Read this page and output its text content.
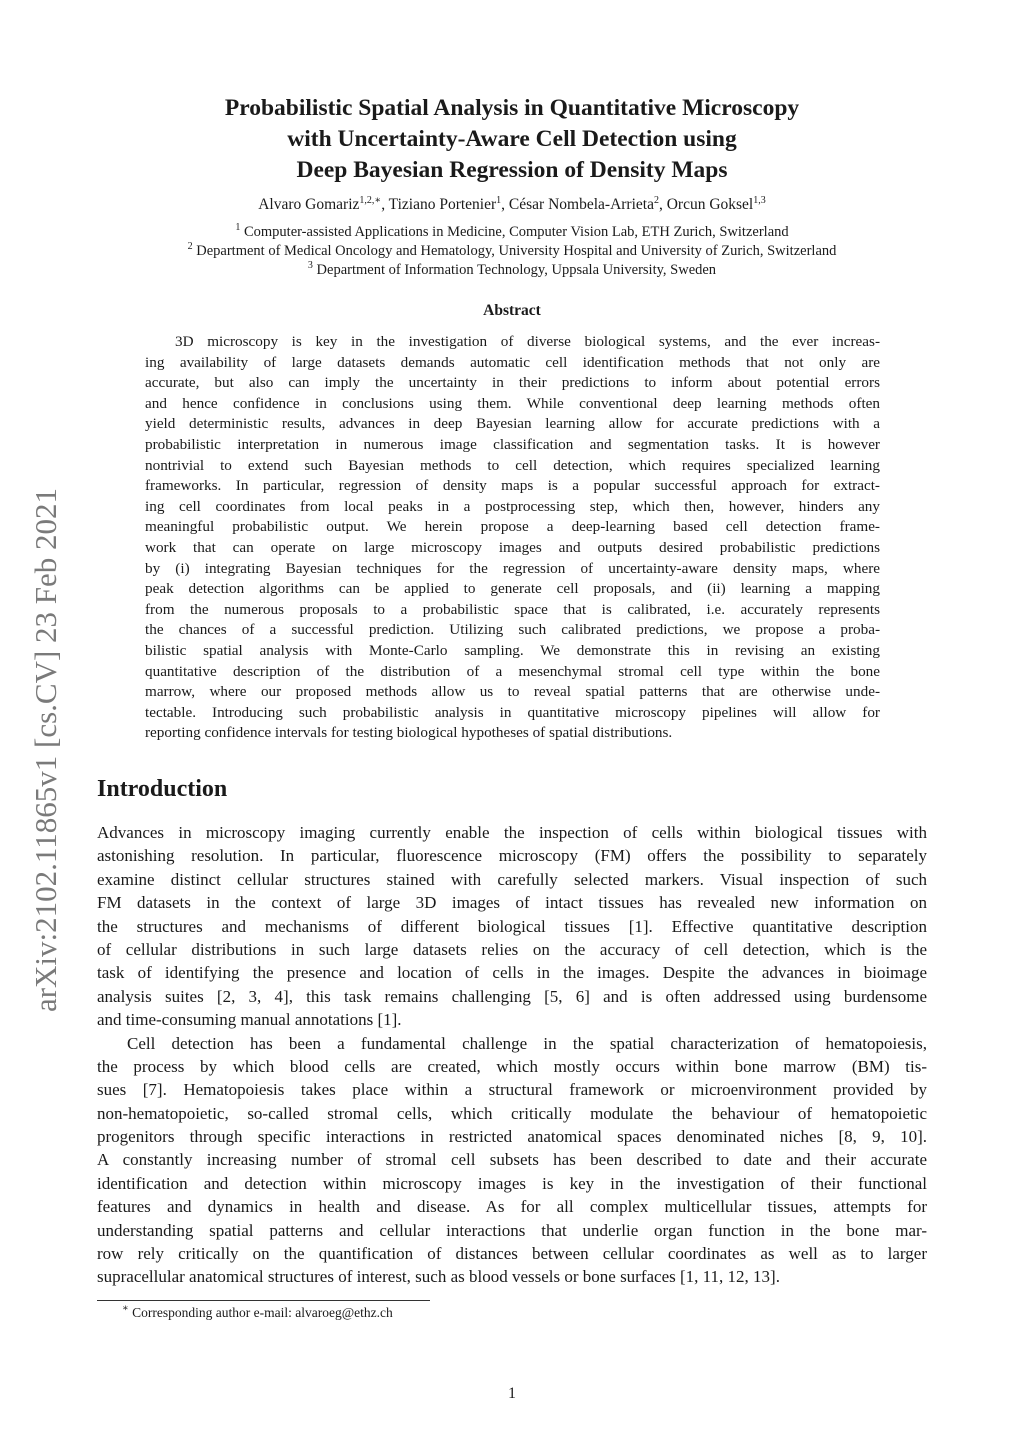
arXiv:2102.11865v1 [cs.CV] 23 Feb 2021
Probabilistic Spatial Analysis in Quantitative Microscopy
with Uncertainty-Aware Cell Detection using
Deep Bayesian Regression of Density Maps
Alvaro Gomariz$^{1,2,∗}$, Tiziano Portenier$^1$, César Nombela-Arrieta$^2$, Orcun Goksel$^{1,3}$
$^1$ Computer-assisted Applications in Medicine, Computer Vision Lab, ETH Zurich, Switzerland
$^2$ Department of Medical Oncology and Hematology, University Hospital and University of Zurich, Switzerland
$^3$ Department of Information Technology, Uppsala University, Sweden
Abstract
3D microscopy is key in the investigation of diverse biological systems, and the ever increas-
ing availability of large datasets demands automatic cell identification methods that not only are
accurate, but also can imply the uncertainty in their predictions to inform about potential errors
and hence confidence in conclusions using them. While conventional deep learning methods often
yield deterministic results, advances in deep Bayesian learning allow for accurate predictions with a
probabilistic interpretation in numerous image classification and segmentation tasks. It is however
nontrivial to extend such Bayesian methods to cell detection, which requires specialized learning
frameworks. In particular, regression of density maps is a popular successful approach for extract-
ing cell coordinates from local peaks in a postprocessing step, which then, however, hinders any
meaningful probabilistic output. We herein propose a deep-learning based cell detection frame-
work that can operate on large microscopy images and outputs desired probabilistic predictions
by (i) integrating Bayesian techniques for the regression of uncertainty-aware density maps, where
peak detection algorithms can be applied to generate cell proposals, and (ii) learning a mapping
from the numerous proposals to a probabilistic space that is calibrated, i.e. accurately represents
the chances of a successful prediction. Utilizing such calibrated predictions, we propose a proba-
bilistic spatial analysis with Monte-Carlo sampling. We demonstrate this in revising an existing
quantitative description of the distribution of a mesenchymal stromal cell type within the bone
marrow, where our proposed methods allow us to reveal spatial patterns that are otherwise unde-
tectable. Introducing such probabilistic analysis in quantitative microscopy pipelines will allow for
reporting confidence intervals for testing biological hypotheses of spatial distributions.
Introduction
Advances in microscopy imaging currently enable the inspection of cells within biological tissues with
astonishing resolution. In particular, fluorescence microscopy (FM) offers the possibility to separately
examine distinct cellular structures stained with carefully selected markers. Visual inspection of such
FM datasets in the context of large 3D images of intact tissues has revealed new information on
the structures and mechanisms of different biological tissues [1]. Effective quantitative description
of cellular distributions in such large datasets relies on the accuracy of cell detection, which is the
task of identifying the presence and location of cells in the images. Despite the advances in bioimage
analysis suites [2, 3, 4], this task remains challenging [5, 6] and is often addressed using burdensome
and time-consuming manual annotations [1].
Cell detection has been a fundamental challenge in the spatial characterization of hematopoiesis,
the process by which blood cells are created, which mostly occurs within bone marrow (BM) tis-
sues [7]. Hematopoiesis takes place within a structural framework or microenvironment provided by
non-hematopoietic, so-called stromal cells, which critically modulate the behaviour of hematopoietic
progenitors through specific interactions in restricted anatomical spaces denominated niches [8, 9, 10].
A constantly increasing number of stromal cell subsets has been described to date and their accurate
identification and detection within microscopy images is key in the investigation of their functional
features and dynamics in health and disease. As for all complex multicellular tissues, attempts for
understanding spatial patterns and cellular interactions that underlie organ function in the bone mar-
row rely critically on the quantification of distances between cellular coordinates as well as to larger
supracellular anatomical structures of interest, such as blood vessels or bone surfaces [1, 11, 12, 13].
∗ Corresponding author e-mail: alvaroeg@ethz.ch
1
